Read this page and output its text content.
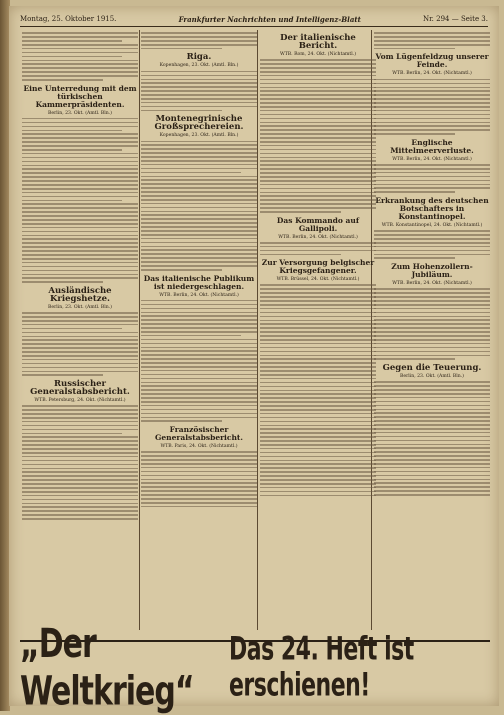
Montag, 25. Oktober 1915.	Frankfurter Nachrichten und Intelligenz-Blatt	Nr. 294 — Seite 3.
Eine Unterredung mit dem türkischen Kammerpräsidenten.
Berlin, 23. Okt. (Amtl. Bln.)
Ausländische Kriegshetze.
Berlin, 23. Okt. (Amtl. Bln.)
Russischer Generalstabsbericht.
WTB. Petersburg, 24. Okt. (Nichtamtl.)
Riga.
Kopenhagen, 23. Okt. (Amtl. Bln.)
Montenegrinische Großsprechereien.
Kopenhagen, 23. Okt. (Amtl. Bln.)
Das italienische Publikum ist niedergeschlagen.
WTB. Berlin, 24. Okt. (Nichtamtl.)
Französischer Generalstabsbericht.
WTB. Paris, 24. Okt. (Nichtamtl.)
Der italienische Bericht.
WTB. Rom, 24. Okt. (Nichtamtl.)
Das Kommando auf Gallipoli.
WTB. Berlin, 24. Okt. (Nichtamtl.)
Zur Versorgung belgischer Kriegsgefangener.
WTB. Brüssel, 24. Okt. (Nichtamtl.)
Vom Lügenfeldzug unserer Feinde.
WTB. Berlin, 24. Okt. (Nichtamtl.)
Englische Mittelmeerverluste.
WTB. Berlin, 24. Okt. (Nichtamtl.)
Erkrankung des deutschen Botschafters in Konstantinopel.
WTB. Konstantinopel, 24. Okt. (Nichtamtl.)
Zum Hohenzollern-Jubiläum.
WTB. Berlin, 24. Okt. (Nichtamtl.)
Gegen die Teuerung.
Berlin, 23. Okt. (Amtl. Bln.)
„Der Weltkrieg“
Das 24. Heft ist erschienen!
